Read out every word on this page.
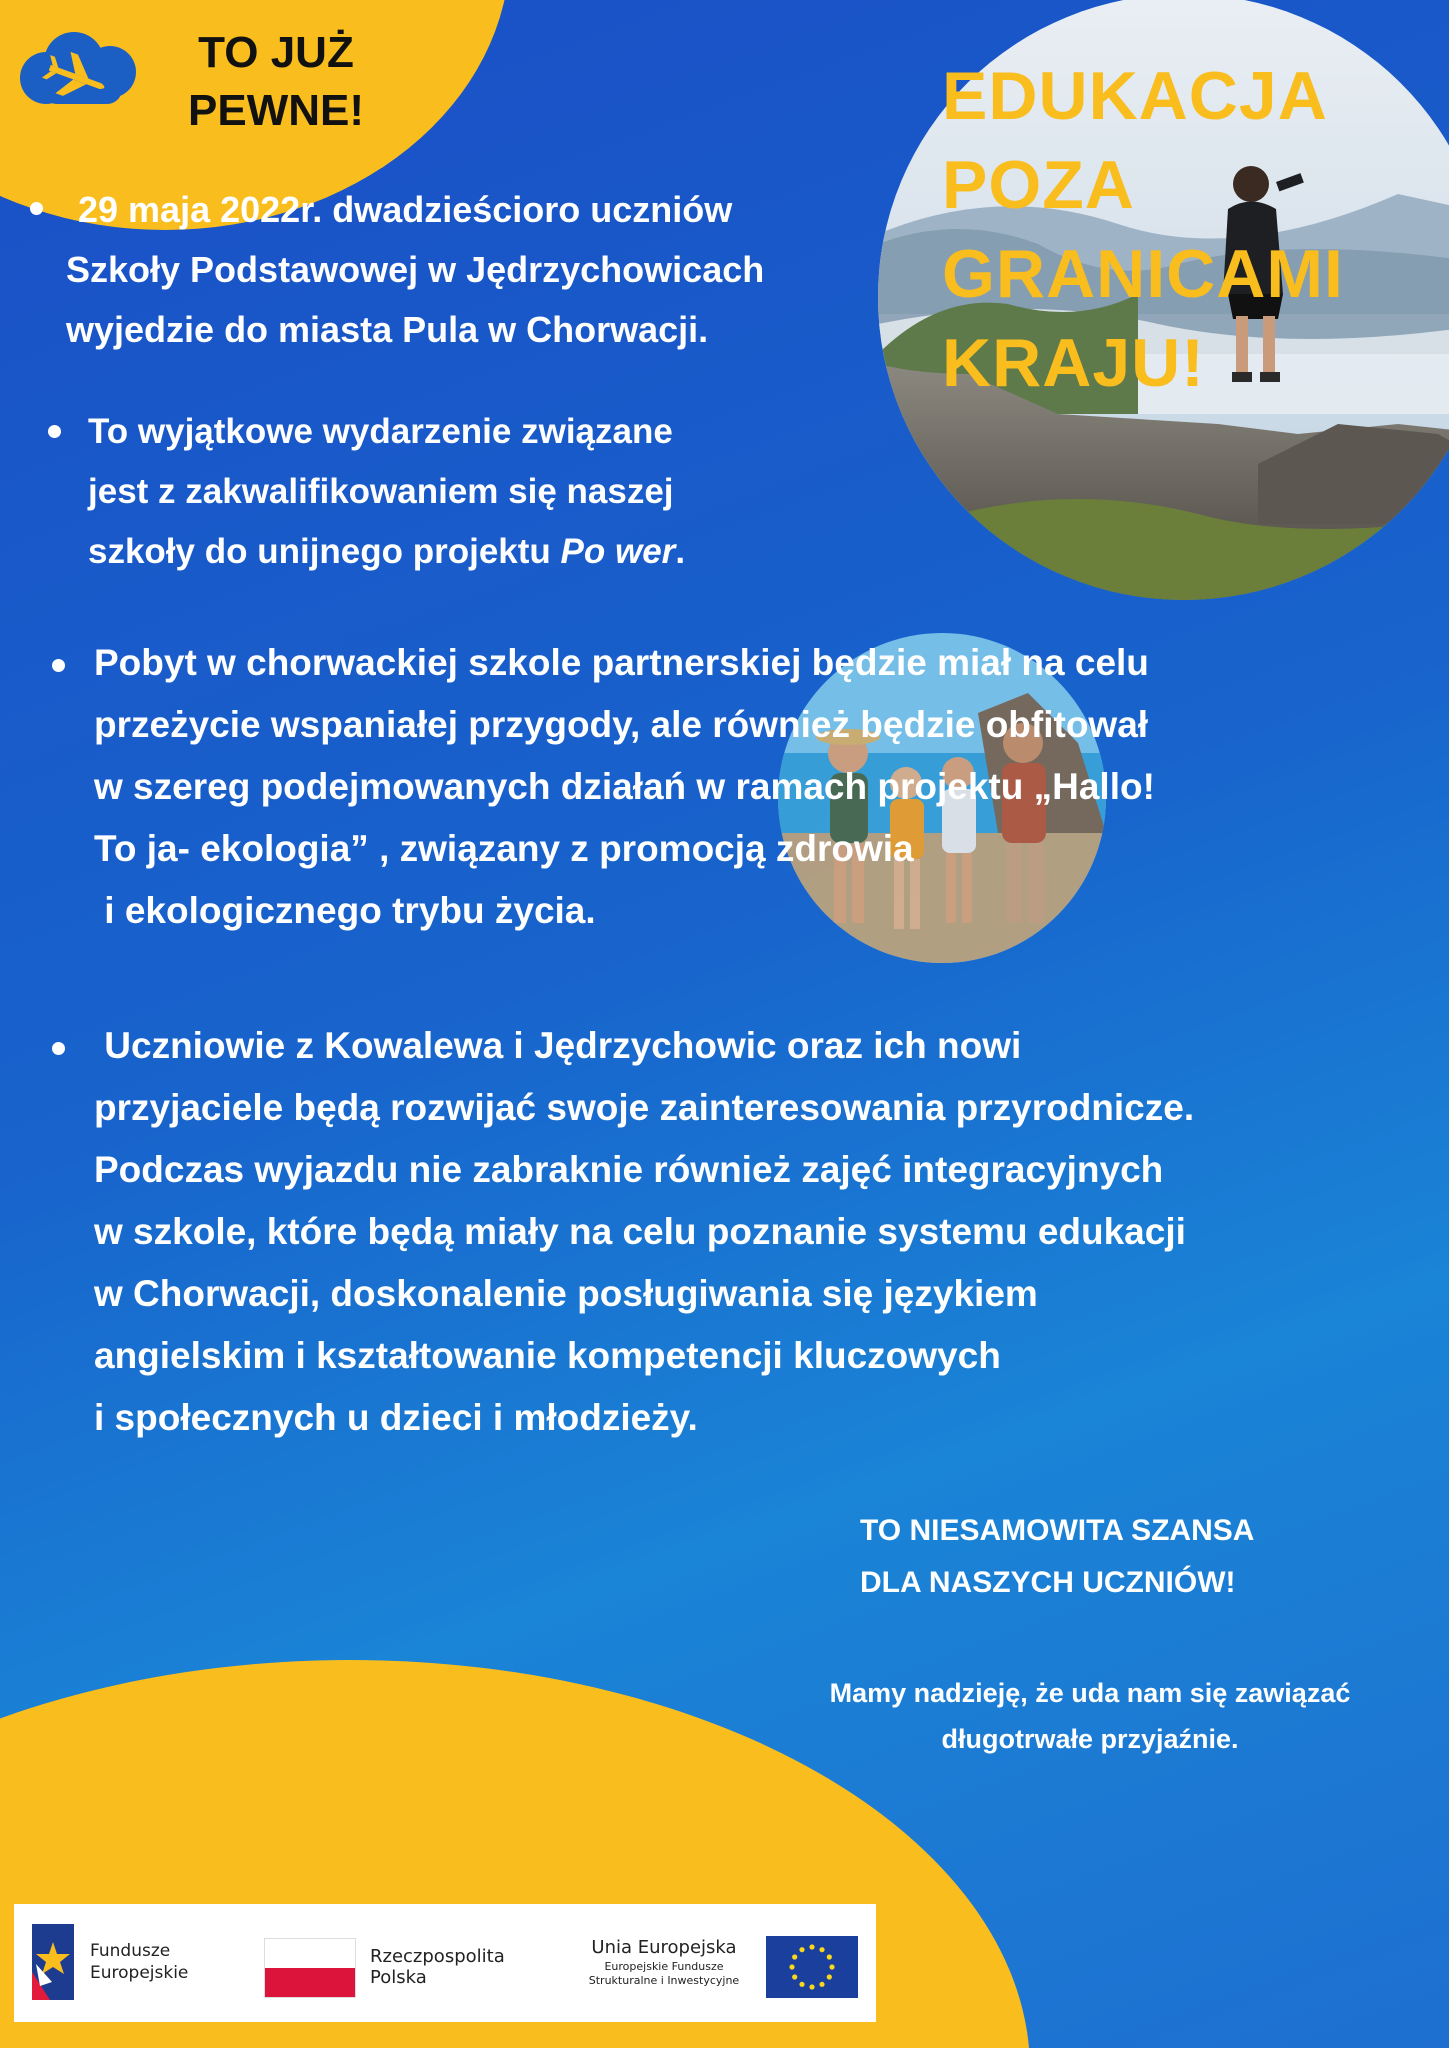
TO JUŻ
PEWNE!	EDUKACJA
POZA
GRANICAMI
KRAJU!
29 maja 2022r. dwadzieścioro uczniów
Szkoły Podstawowej w Jędrzychowicach
wyjedzie do miasta Pula w Chorwacji.
To wyjątkowe wydarzenie związane
jest z zakwalifikowaniem się naszej
szkoły do unijnego projektu Po wer.
Pobyt w chorwackiej szkole partnerskiej będzie miał na celu
przeżycie wspaniałej przygody, ale również będzie obfitował
w szereg podejmowanych działań w ramach projektu „Hallo!
To ja- ekologia” , związany z promocją zdrowia
i ekologicznego trybu życia.
Uczniowie z Kowalewa i Jędrzychowic oraz ich nowi
przyjaciele będą rozwijać swoje zainteresowania przyrodnicze.
Podczas wyjazdu nie zabraknie również zajęć integracyjnych
w szkole, które będą miały na celu poznanie systemu edukacji
w Chorwacji, doskonalenie posługiwania się językiem
angielskim i kształtowanie kompetencji kluczowych
i społecznych u dzieci i młodzieży.
TO NIESAMOWITA SZANSA
DLA NASZYCH UCZNIÓW!
Mamy nadzieję, że uda nam się zawiązać
długotrwałe przyjaźnie.
Fundusze
Europejskie
Rzeczpospolita
Polska
Unia Europejska
Europejskie Fundusze
Strukturalne i Inwestycyjne
